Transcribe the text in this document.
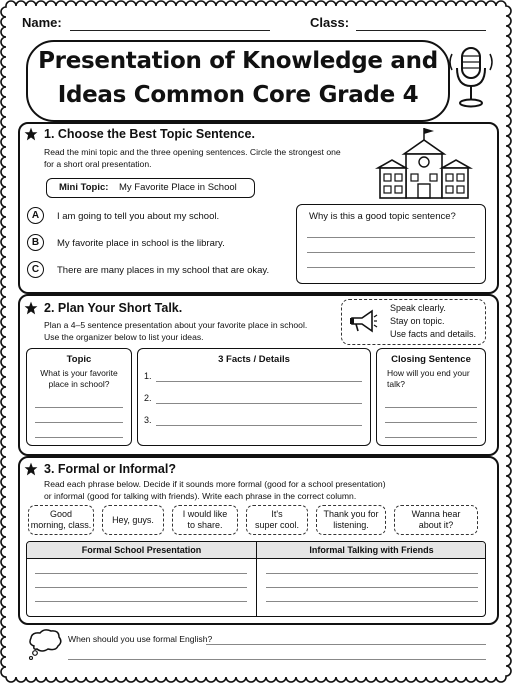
Name:	Class:
Presentation of Knowledge and
Ideas Common Core Grade 4
1. Choose the Best Topic Sentence.
Read the mini topic and the three opening sentences. Circle the strongest one
for a short oral presentation.
Mini Topic: My Favorite Place in School
A	I am going to tell you about my school.
B	My favorite place in school is the library.
C	There are many places in my school that are okay.
Why is this a good topic sentence?
2. Plan Your Short Talk.
Plan a 4–5 sentence presentation about your favorite place in school.
Use the organizer below to list your ideas.
Speak clearly.
Stay on topic.
Use facts and details.
Topic
What is your favorite
place in school?
3 Facts / Details
1.
2.
3.
Closing Sentence
How will you end your
talk?
3. Formal or Informal?
Read each phrase below. Decide if it sounds more formal (good for a school presentation)
or informal (good for talking with friends). Write each phrase in the correct column.
Good
morning, class.
Hey, guys.
I would like
to share.
It's
super cool.
Thank you for
listening.
Wanna hear
about it?
Formal School Presentation	Informal Talking with Friends
When should you use formal English?
